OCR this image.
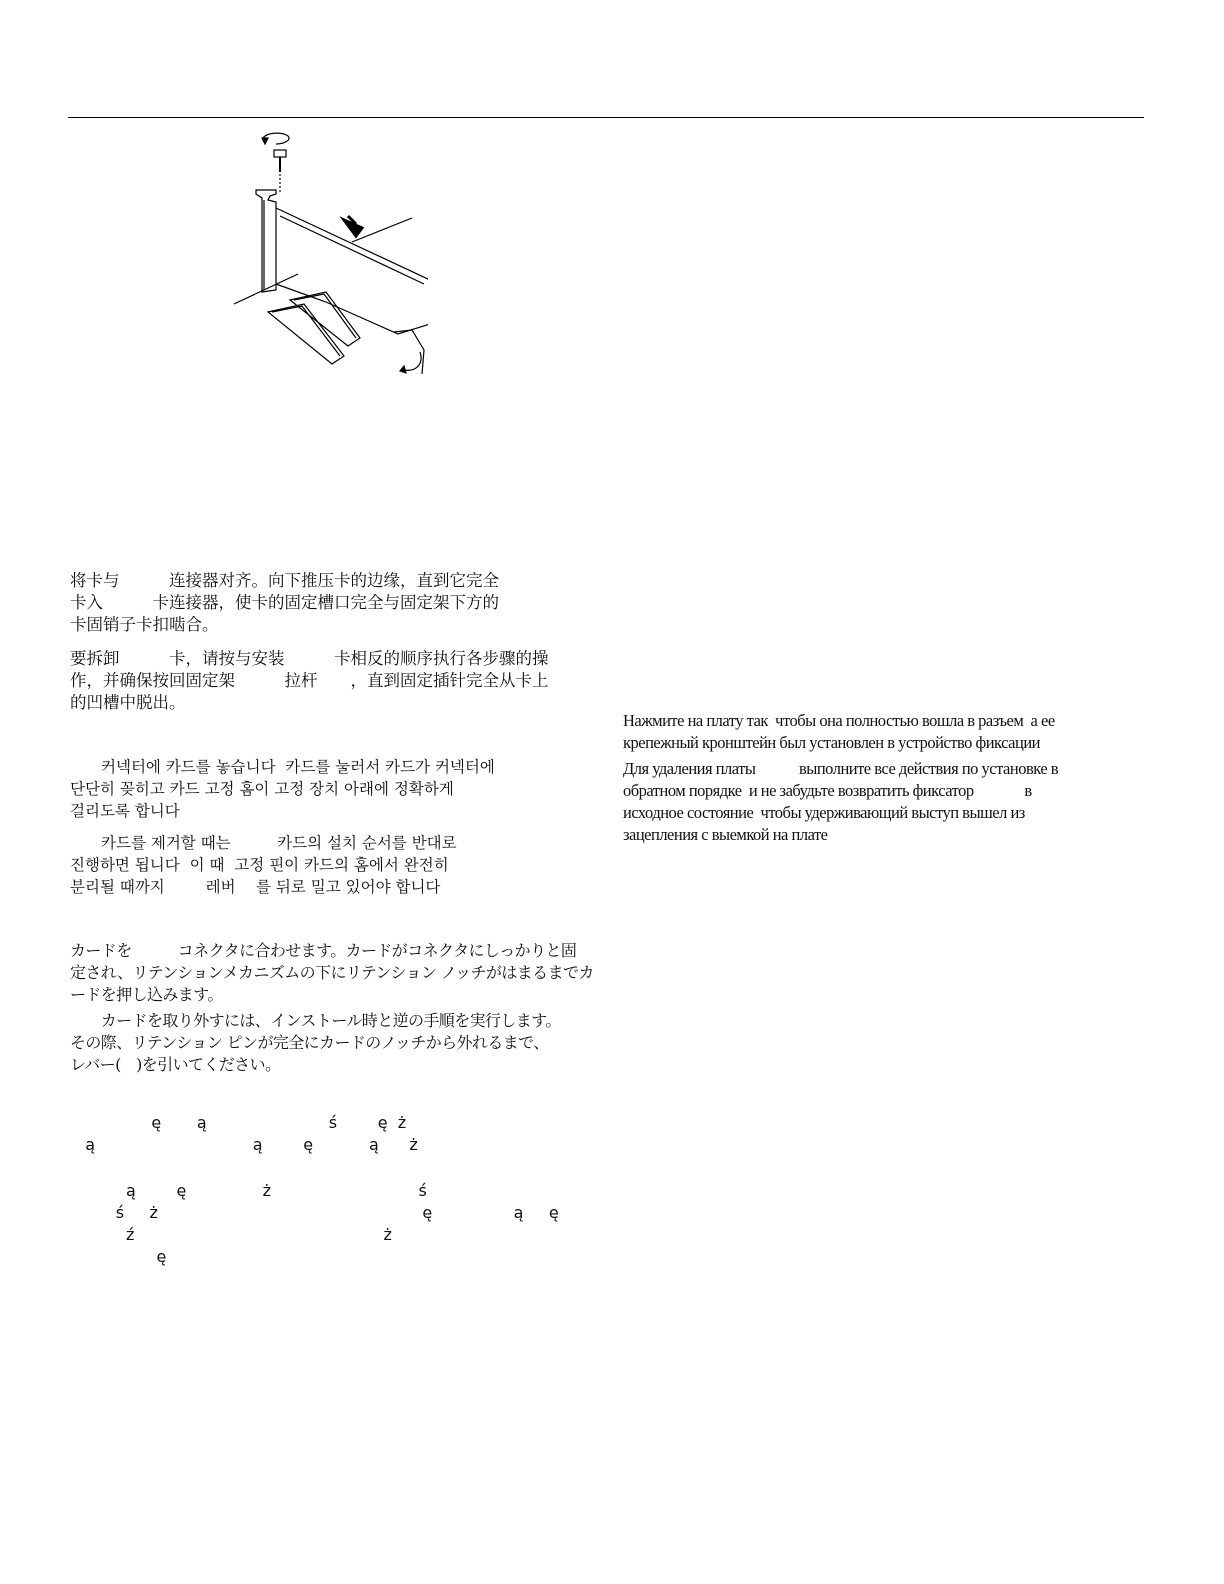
将卡与　　　连接器对齐。向下推压卡的边缘，直到它完全
卡入　　　卡连接器，使卡的固定槽口完全与固定架下方的
卡固销子卡扣啮合。
要拆卸　　　卡，请按与安装　　　卡相反的顺序执行各步骤的操
作，并确保按回固定架　　　拉杆　　，直到固定插针完全从卡上
的凹槽中脱出。
　　커넥터에 카드를 놓습니다  카드를 눌러서 카드가 커넥터에
단단히 꽂히고 카드 고정 홈이 고정 장치 아래에 정확하게
걸리도록 합니다
　　카드를 제거할 때는　　　카드의 설치 순서를 반대로
진행하면 됩니다  이 때  고정 핀이 카드의 홈에서 완전히
분리될 때까지　　  레버　 를 뒤로 밀고 있어야 합니다
カードを　　　コネクタに合わせます。カードがコネクタにしっかりと固
定され、リテンションメカニズムの下にリテンション ノッチがはまるまでカ
ードを押し込みます。
　　カードを取り外すには、インストール時と逆の手順を実行します。
その際、リテンション ピンが完全にカードのノッチから外れるまで、
レバー(　)を引いてください。
ę       ą                        ś        ę  ż
ą                               ą        ę           ą      ż
ą        ę               ż                             ś
ś     ż                                                    ę                ą     ę
ź                                                 ż
ę
Нажмите на плату так  чтобы она полностью вошла в разъем  а ее
крепежный кронштейн был установлен в устройство фиксации
Для удаления платы            выполните все действия по установке в
обратном порядке  и не забудьте возвратить фиксатор              в
исходное состояние  чтобы удерживающий выступ вышел из
зацепления с выемкой на плате
